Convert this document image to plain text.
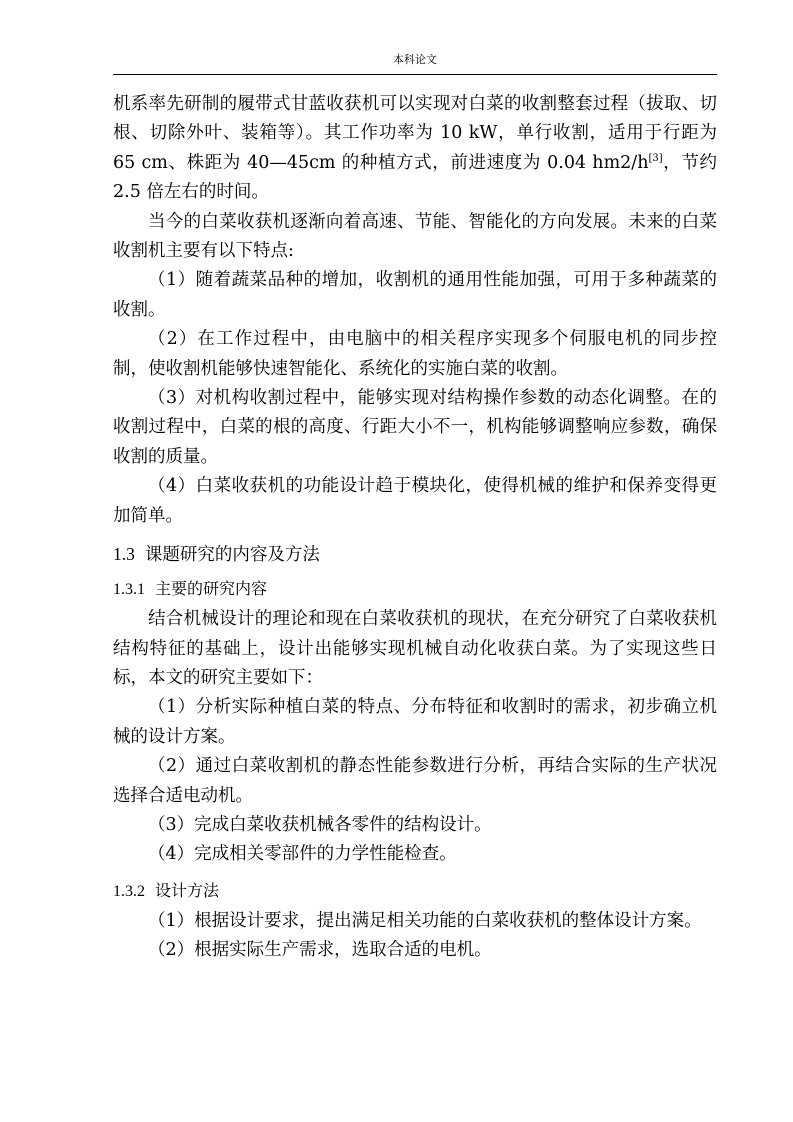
本科论文

机系率先研制的履带式甘蓝收获机可以实现对白菜的收割整套过程（拔取、切根、切除外叶、装箱等）。其工作功率为 10 kW，单行收割，适用于行距为 65 cm、株距为 40—45cm 的种植方式，前进速度为 0.04 hm2/h[3]，节约 2.5 倍左右的时间。

当今的白菜收获机逐渐向着高速、节能、智能化的方向发展。未来的白菜收割机主要有以下特点:

（1）随着蔬菜品种的增加，收割机的通用性能加强，可用于多种蔬菜的收割。

（2）在工作过程中，由电脑中的相关程序实现多个伺服电机的同步控制，使收割机能够快速智能化、系统化的实施白菜的收割。

（3）对机构收割过程中，能够实现对结构操作参数的动态化调整。在的收割过程中，白菜的根的高度、行距大小不一，机构能够调整响应参数，确保收割的质量。

（4）白菜收获机的功能设计趋于模块化，使得机械的维护和保养变得更加简单。

1.3 课题研究的内容及方法
1.3.1 主要的研究内容

结合机械设计的理论和现在白菜收获机的现状，在充分研究了白菜收获机结构特征的基础上，设计出能够实现机械自动化收获白菜。为了实现这些日标，本文的研究主要如下：

（1）分析实际种植白菜的特点、分布特征和收割时的需求，初步确立机械的设计方案。

（2）通过白菜收割机的静态性能参数进行分析，再结合实际的生产状况选择合适电动机。

（3）完成白菜收获机械各零件的结构设计。

（4）完成相关零部件的力学性能检查。

1.3.2 设计方法

（1）根据设计要求，提出满足相关功能的白菜收获机的整体设计方案。

（2）根据实际生产需求，选取合适的电机。
